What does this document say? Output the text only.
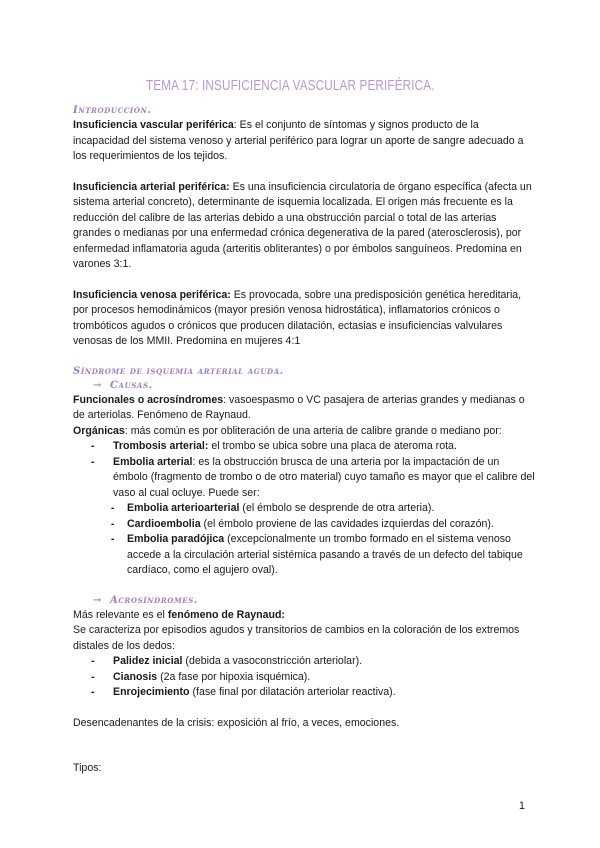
TEMA 17: INSUFICIENCIA VASCULAR PERIFÉRICA.
Introducción.

Insuficiencia vascular periférica: Es el conjunto de síntomas y signos producto de la incapacidad del sistema venoso y arterial periférico para lograr un aporte de sangre adecuado a los requerimientos de los tejidos.

Insuficiencia arterial periférica: Es una insuficiencia circulatoria de órgano específica (afecta un sistema arterial concreto), determinante de isquemia localizada. El origen más frecuente es la reducción del calibre de las arterias debido a una obstrucción parcial o total de las arterias grandes o medianas por una enfermedad crónica degenerativa de la pared (aterosclerosis), por enfermedad inflamatoria aguda (arteritis obliterantes) o por émbolos sanguíneos. Predomina en varones 3:1.

Insuficiencia venosa periférica: Es provocada, sobre una predisposición genética hereditaria, por procesos hemodinámicos (mayor presión venosa hidrostática), inflamatorios crónicos o trombóticos agudos o crónicos que producen dilatación, ectasias e insuficiencias valvulares venosas de los MMII. Predomina en mujeres 4:1

Síndrome de isquemia arterial aguda.
→ Causas.

Funcionales o acrosíndromes: vasoespasmo o VC pasajera de arterias grandes y medianas o de arteriolas. Fenómeno de Raynaud.

Orgánicas: más común es por obliteración de una arteria de calibre grande o mediano por:

- Trombosis arterial: el trombo se ubica sobre una placa de ateroma rota.
- Embolia arterial: es la obstrucción brusca de una arteria por la impactación de un émbolo (fragmento de trombo o de otro material) cuyo tamaño es mayor que el calibre del vaso al cual ocluye. Puede ser:
- Embolia arterioarterial (el émbolo se desprende de otra arteria).
- Cardioembolia (el émbolo proviene de las cavidades izquierdas del corazón).
- Embolia paradójica (excepcionalmente un trombo formado en el sistema venoso accede a la circulación arterial sistémica pasando a través de un defecto del tabique cardíaco, como el agujero oval).
→ Acrosíndromes.

Más relevante es el fenómeno de Raynaud:

Se caracteriza por episodios agudos y transitorios de cambios en la coloración de los extremos distales de los dedos:

- Palidez inicial (debida a vasoconstricción arteriolar).
- Cianosis (2a fase por hipoxia isquémica).
- Enrojecimiento (fase final por dilatación arteriolar reactiva).

Desencadenantes de la crisis: exposición al frío, a veces, emociones.

Tipos:

1
